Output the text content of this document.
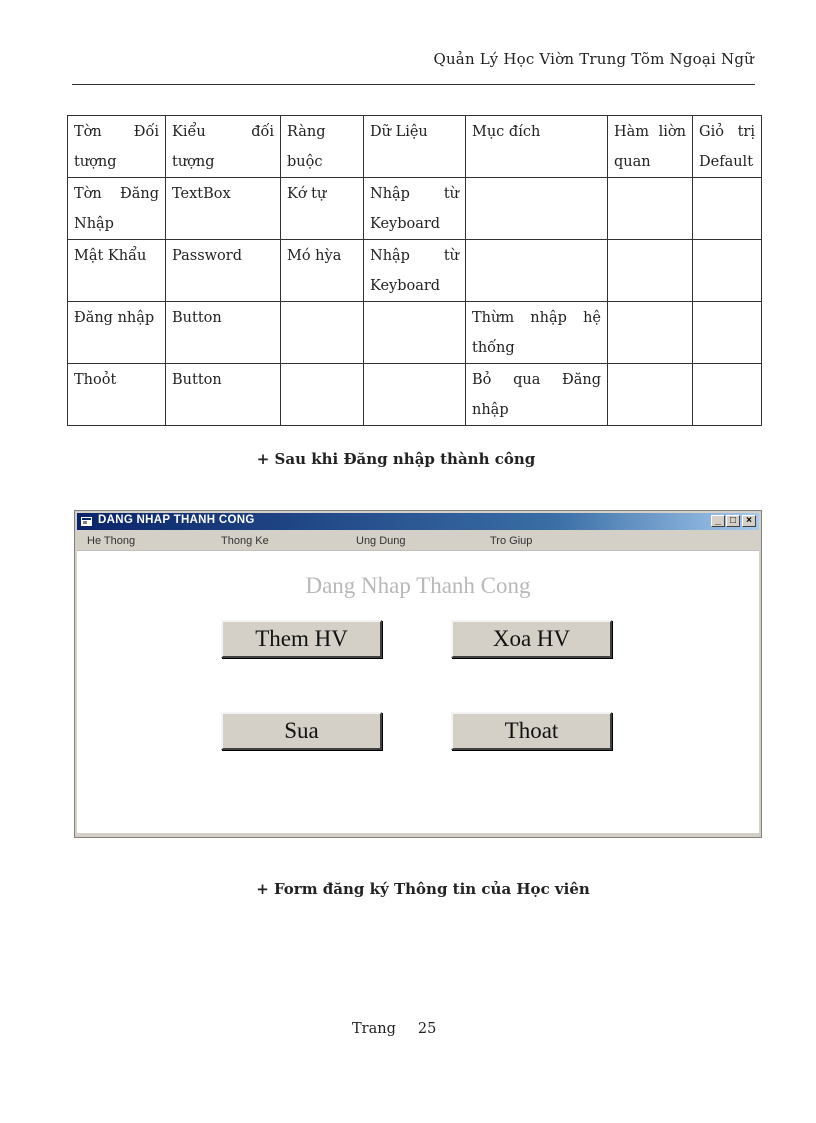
Quản Lý Học Viờn Trung Tõm Ngoại Ngữ
Tờn Đối tượng	Kiểu đối tượng	Ràng buộc	Dữ Liệu	Mục đích	Hàm liờn quan	Giỏ trị Default
Tờn Đăng Nhập	TextBox	Kớ tự	Nhập từ Keyboard			
Mật Khẩu	Password	Mó hỳa	Nhập từ Keyboard			
Đăng nhập	Button			Thừm nhập hệ thống		
Thoỏt	Button			Bỏ qua Đăng nhập		
+ Sau khi Đăng nhập thành công
DANG NHAP THANH CONG	_ □	×
He Thong	Thong Ke	Ung Dung	Tro Giup
Dang Nhap Thanh Cong
Them HV	Xoa HV
Sua	Thoat
+ Form đăng ký Thông tin của Học viên
Trang 25
